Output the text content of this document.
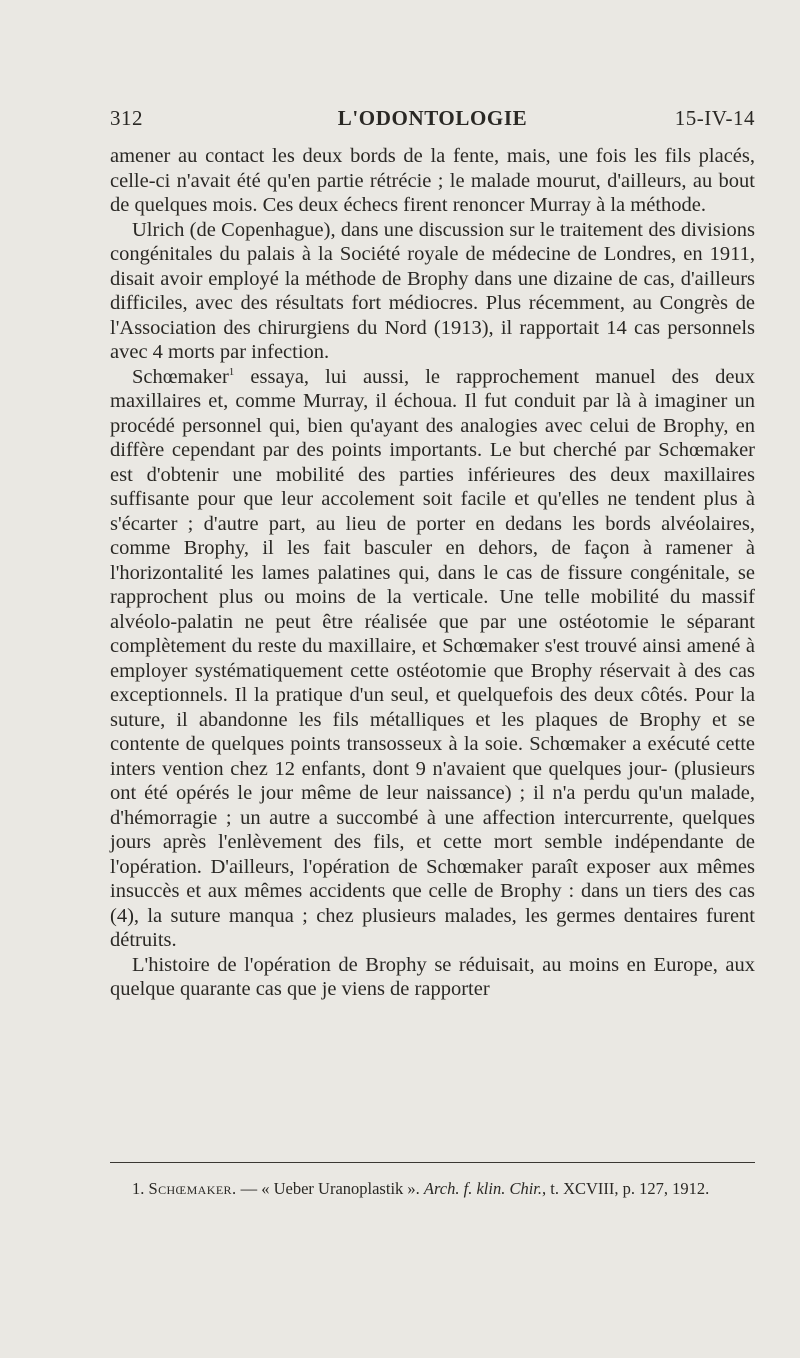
312	L'ODONTOLOGIE	15-IV-14

amener au contact les deux bords de la fente, mais, une fois les fils placés, celle-ci n'avait été qu'en partie rétrécie ; le malade mourut, d'ailleurs, au bout de quelques mois. Ces deux échecs firent renoncer Murray à la méthode.

Ulrich (de Copenhague), dans une discussion sur le traitement des divisions congénitales du palais à la Société royale de médecine de Londres, en 1911, disait avoir employé la méthode de Brophy dans une dizaine de cas, d'ailleurs difficiles, avec des résultats fort médiocres. Plus récemment, au Congrès de l'Association des chirurgiens du Nord (1913), il rapportait 14 cas personnels avec 4 morts par infection.

Schœmaker$^1$ essaya, lui aussi, le rapprochement manuel des deux maxillaires et, comme Murray, il échoua. Il fut conduit par là à imaginer un procédé personnel qui, bien qu'ayant des analogies avec celui de Brophy, en diffère cependant par des points importants. Le but cherché par Schœmaker est d'obtenir une mobilité des parties inférieures des deux maxillaires suffisante pour que leur accolement soit facile et qu'elles ne tendent plus à s'écarter ; d'autre part, au lieu de porter en dedans les bords alvéolaires, comme Brophy, il les fait basculer en dehors, de façon à ramener à l'horizontalité les lames palatines qui, dans le cas de fissure congénitale, se rapprochent plus ou moins de la verticale. Une telle mobilité du massif alvéolo-palatin ne peut être réalisée que par une ostéotomie le séparant complètement du reste du maxillaire, et Schœmaker s'est trouvé ainsi amené à employer systématiquement cette ostéotomie que Brophy réservait à des cas exceptionnels. Il la pratique d'un seul, et quelquefois des deux côtés. Pour la suture, il abandonne les fils métalliques et les plaques de Brophy et se contente de quelques points transosseux à la soie. Schœmaker a exécuté cette inters vention chez 12 enfants, dont 9 n'avaient que quelques jour- (plusieurs ont été opérés le jour même de leur naissance) ; il n'a perdu qu'un malade, d'hémorragie ; un autre a succombé à une affection intercurrente, quelques jours après l'enlèvement des fils, et cette mort semble indépendante de l'opération. D'ailleurs, l'opération de Schœmaker paraît exposer aux mêmes insuccès et aux mêmes accidents que celle de Brophy : dans un tiers des cas (4), la suture manqua ; chez plusieurs malades, les germes dentaires furent détruits.

L'histoire de l'opération de Brophy se réduisait, au moins en Europe, aux quelque quarante cas que je viens de rapporter

1. Schœmaker. — « Ueber Uranoplastik ». Arch. f. klin. Chir., t. XCVIII, p. 127, 1912.
